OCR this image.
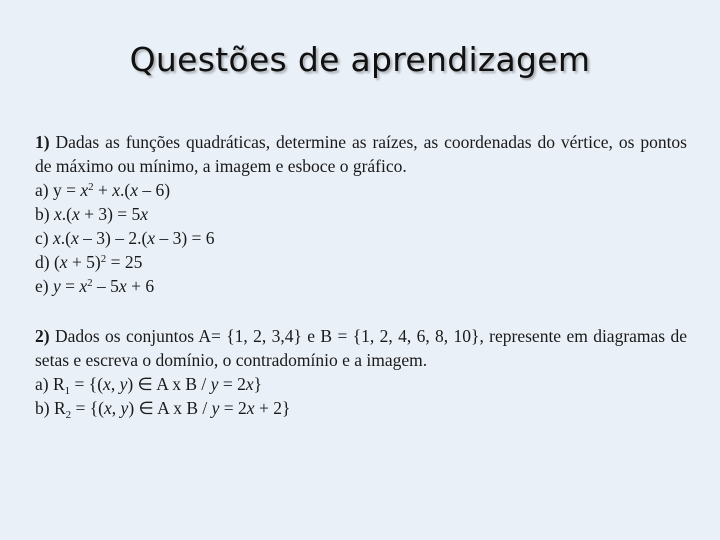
Questões de aprendizagem
1) Dadas as funções quadráticas, determine as raízes, as coordenadas do vértice, os pontos de máximo ou mínimo, a imagem e esboce o gráfico.
a) $y = x^2 + x.(x - 6)$
b) x.(x + 3) = 5x
c) x.(x – 3) – 2.(x – 3) = 6
d) $(x + 5)^2 = 25$
e) $y = x^2 - 5x + 6$
2) Dados os conjuntos A= {1, 2, 3,4} e B = {1, 2, 4, 6, 8, 10}, represente em diagramas de setas e escreva o domínio, o contradomínio e a imagem.
a) $R_1 = \{(x$, y) ∈ A x B / y = 2x}
b) $R_2 = \{(x$, y) ∈ A x B / y = 2x + 2}
